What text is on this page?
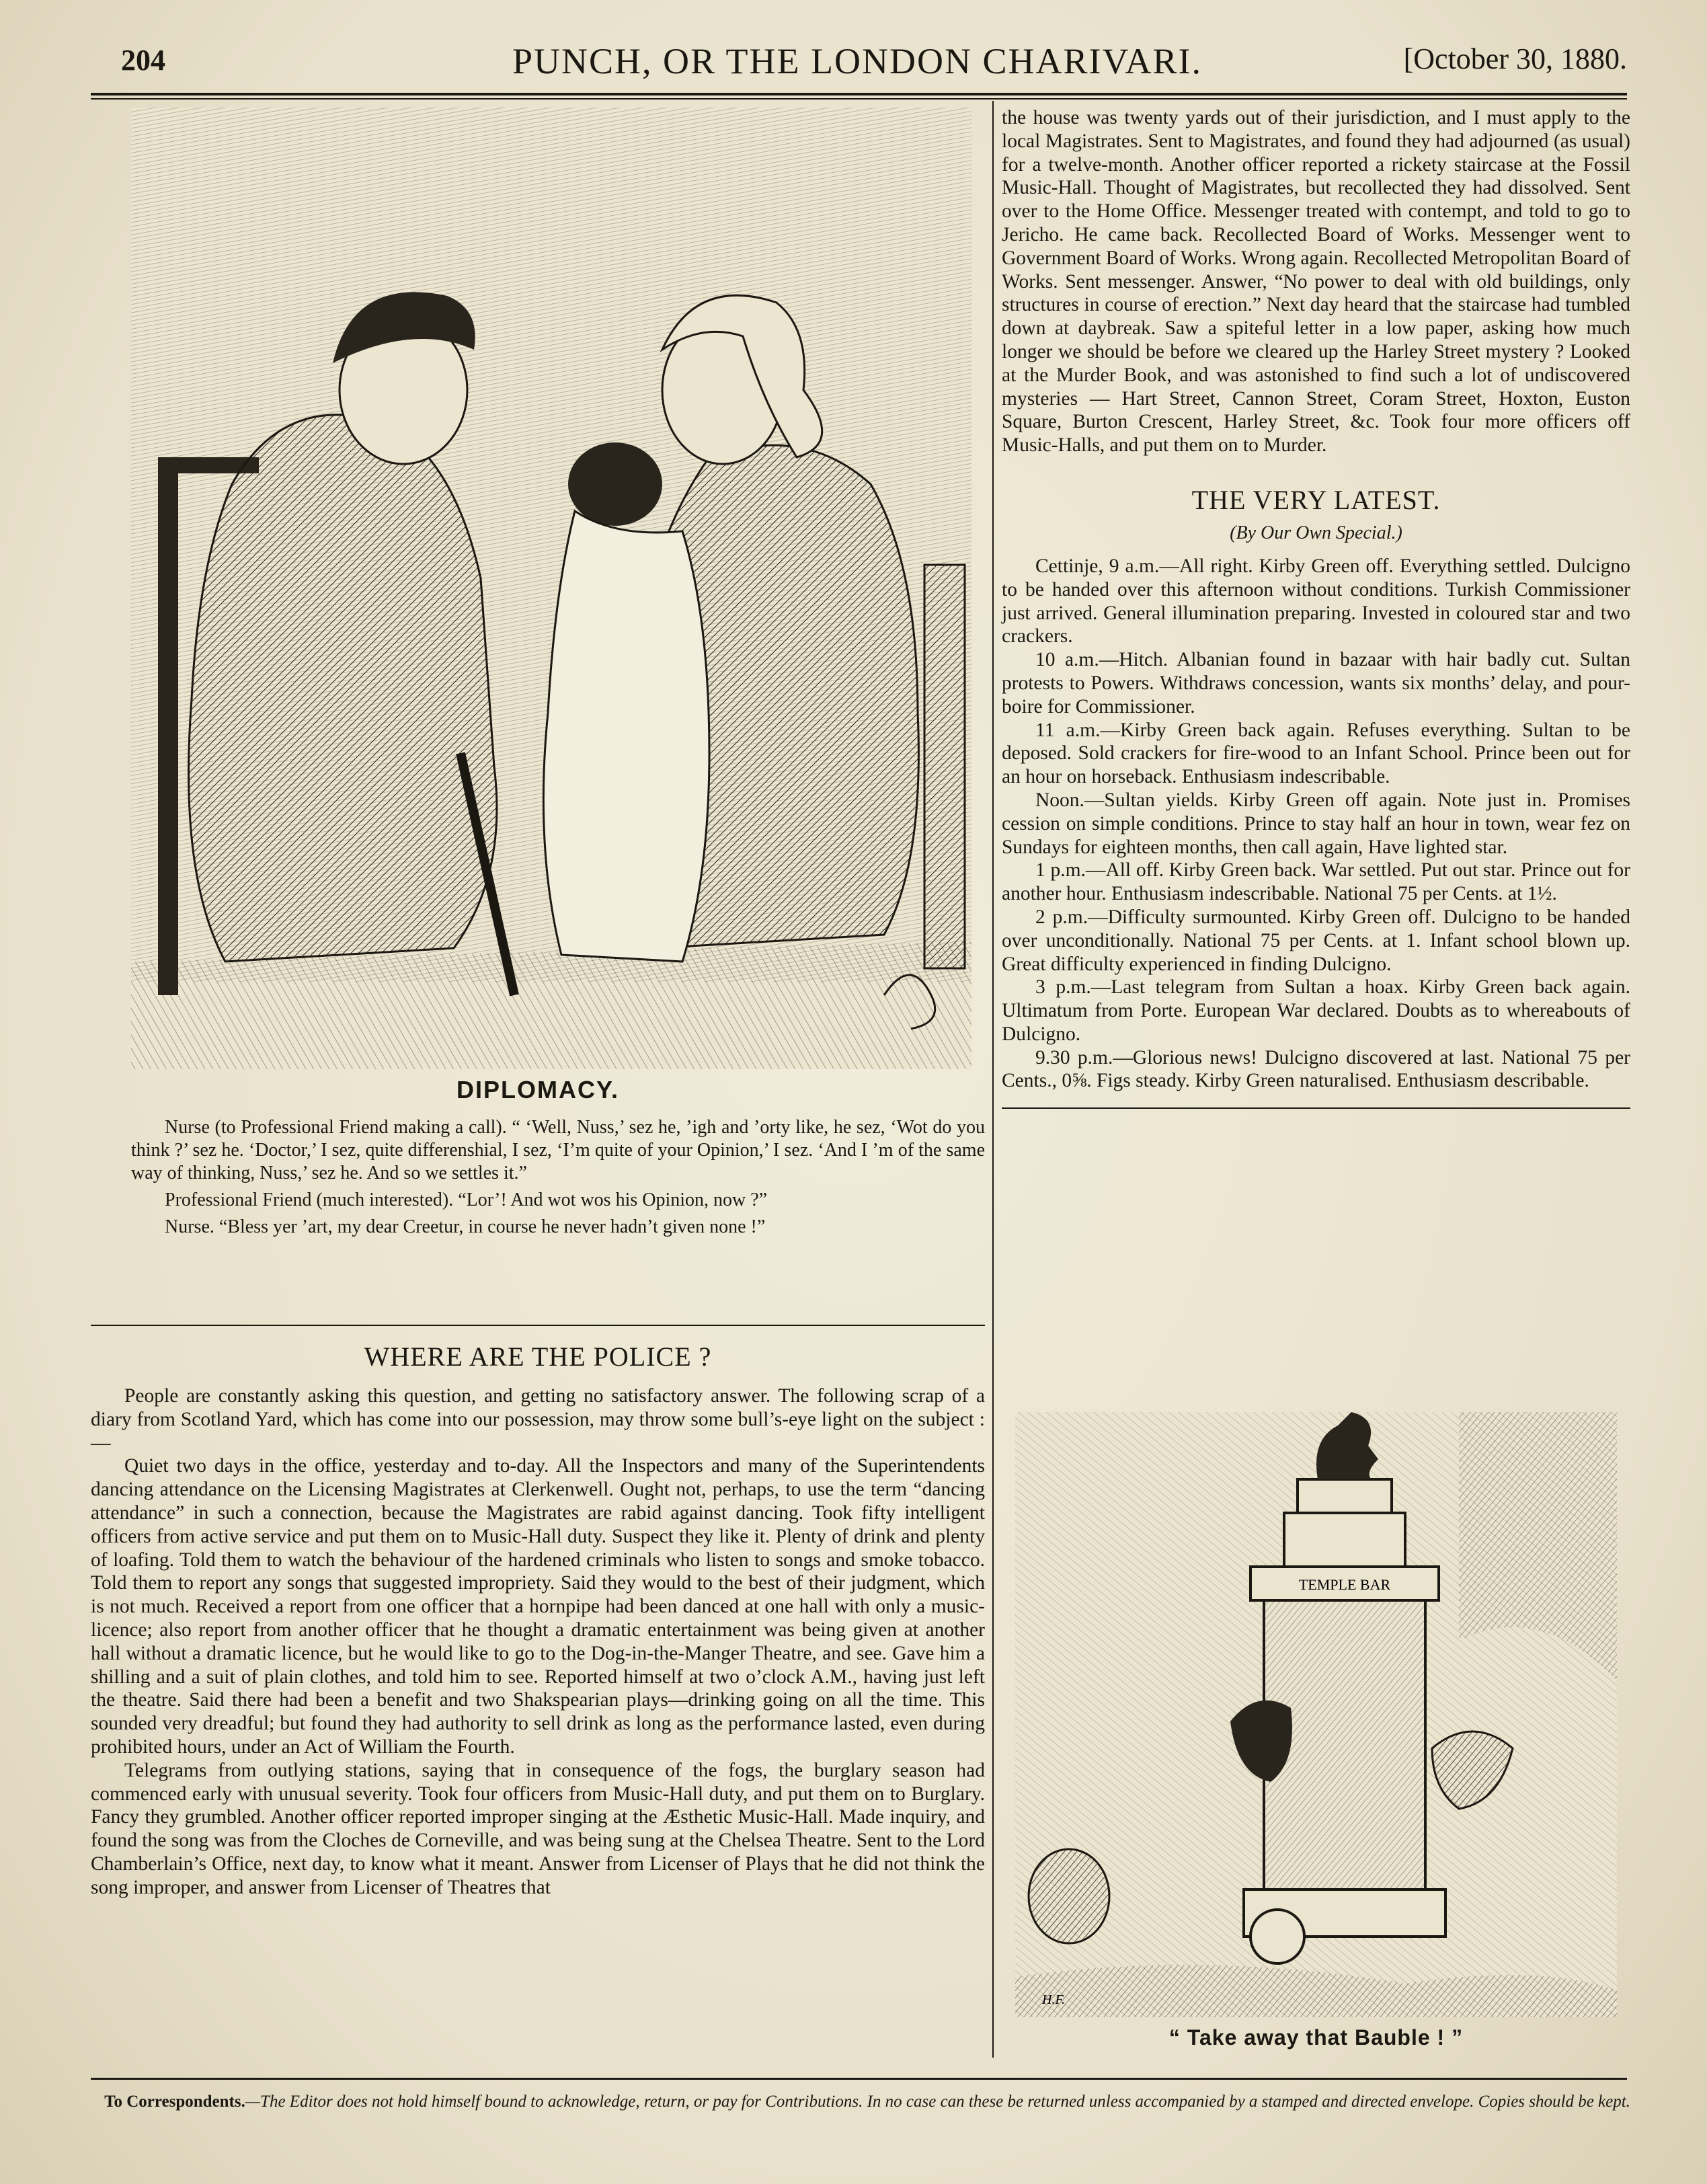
204	PUNCH, OR THE LONDON CHARIVARI.	[October 30, 1880.
DIPLOMACY.

Nurse (to Professional Friend making a call). “ ‘Well, Nuss,’ sez he, ’igh and ’orty like, he sez, ‘Wot do you think ?’ sez he. ‘Doctor,’ I sez, quite differenshial, I sez, ‘I’m quite of your Opinion,’ I sez. ‘And I ’m of the same way of thinking, Nuss,’ sez he. And so we settles it.”

Professional Friend (much interested). “Lor’! And wot wos his Opinion, now ?”

Nurse. “Bless yer ’art, my dear Creetur, in course he never hadn’t given none !”

WHERE ARE THE POLICE ?

People are constantly asking this question, and getting no satisfactory answer. The following scrap of a diary from Scotland Yard, which has come into our possession, may throw some bull’s-eye light on the subject :—

Quiet two days in the office, yesterday and to-day. All the Inspectors and many of the Superintendents dancing attendance on the Licensing Magistrates at Clerkenwell. Ought not, perhaps, to use the term “dancing attendance” in such a connection, because the Magistrates are rabid against dancing. Took fifty intelligent officers from active service and put them on to Music-Hall duty. Suspect they like it. Plenty of drink and plenty of loafing. Told them to watch the behaviour of the hardened criminals who listen to songs and smoke tobacco. Told them to report any songs that suggested impropriety. Said they would to the best of their judgment, which is not much. Received a report from one officer that a hornpipe had been danced at one hall with only a music-licence; also report from another officer that he thought a dramatic entertainment was being given at another hall without a dramatic licence, but he would like to go to the Dog-in-the-Manger Theatre, and see. Gave him a shilling and a suit of plain clothes, and told him to see. Reported himself at two o’clock A.M., having just left the theatre. Said there had been a benefit and two Shakspearian plays—drinking going on all the time. This sounded very dreadful; but found they had authority to sell drink as long as the performance lasted, even during prohibited hours, under an Act of William the Fourth.

Telegrams from outlying stations, saying that in consequence of the fogs, the burglary season had commenced early with unusual severity. Took four officers from Music-Hall duty, and put them on to Burglary. Fancy they grumbled. Another officer reported improper singing at the Æsthetic Music-Hall. Made inquiry, and found the song was from the Cloches de Corneville, and was being sung at the Chelsea Theatre. Sent to the Lord Chamberlain’s Office, next day, to know what it meant. Answer from Licenser of Plays that he did not think the song improper, and answer from Licenser of Theatres that

the house was twenty yards out of their jurisdiction, and I must apply to the local Magistrates. Sent to Magistrates, and found they had adjourned (as usual) for a twelve-month. Another officer reported a rickety staircase at the Fossil Music-Hall. Thought of Magistrates, but recollected they had dissolved. Sent over to the Home Office. Messenger treated with contempt, and told to go to Jericho. He came back. Recollected Board of Works. Messenger went to Government Board of Works. Wrong again. Recollected Metropolitan Board of Works. Sent messenger. Answer, “No power to deal with old buildings, only structures in course of erection.” Next day heard that the staircase had tumbled down at daybreak. Saw a spiteful letter in a low paper, asking how much longer we should be before we cleared up the Harley Street mystery ? Looked at the Murder Book, and was astonished to find such a lot of undiscovered mysteries — Hart Street, Cannon Street, Coram Street, Hoxton, Euston Square, Burton Crescent, Harley Street, &c. Took four more officers off Music-Halls, and put them on to Murder.

THE VERY LATEST.
(By Our Own Special.)

Cettinje, 9 a.m.—All right. Kirby Green off. Everything settled. Dulcigno to be handed over this afternoon without conditions. Turkish Commissioner just arrived. General illumination preparing. Invested in coloured star and two crackers.

10 a.m.—Hitch. Albanian found in bazaar with hair badly cut. Sultan protests to Powers. Withdraws concession, wants six months’ delay, and pour-boire for Commissioner.

11 a.m.—Kirby Green back again. Refuses everything. Sultan to be deposed. Sold crackers for fire-wood to an Infant School. Prince been out for an hour on horseback. Enthusiasm indescribable.

Noon.—Sultan yields. Kirby Green off again. Note just in. Promises cession on simple conditions. Prince to stay half an hour in town, wear fez on Sundays for eighteen months, then call again, Have lighted star.

1 p.m.—All off. Kirby Green back. War settled. Put out star. Prince out for another hour. Enthusiasm indescribable. National 75 per Cents. at 1½.

2 p.m.—Difficulty surmounted. Kirby Green off. Dulcigno to be handed over unconditionally. National 75 per Cents. at 1. Infant school blown up. Great difficulty experienced in finding Dulcigno.

3 p.m.—Last telegram from Sultan a hoax. Kirby Green back again. Ultimatum from Porte. European War declared. Doubts as to whereabouts of Dulcigno.

9.30 p.m.—Glorious news! Dulcigno discovered at last. National 75 per Cents., 0⅝. Figs steady. Kirby Green naturalised. Enthusiasm describable.

TEMPLE BAR
H.F.
“ Take away that Bauble ! ”
To Correspondents.—The Editor does not hold himself bound to acknowledge, return, or pay for Contributions. In no case can these be returned unless accompanied by a stamped and directed envelope. Copies should be kept.
